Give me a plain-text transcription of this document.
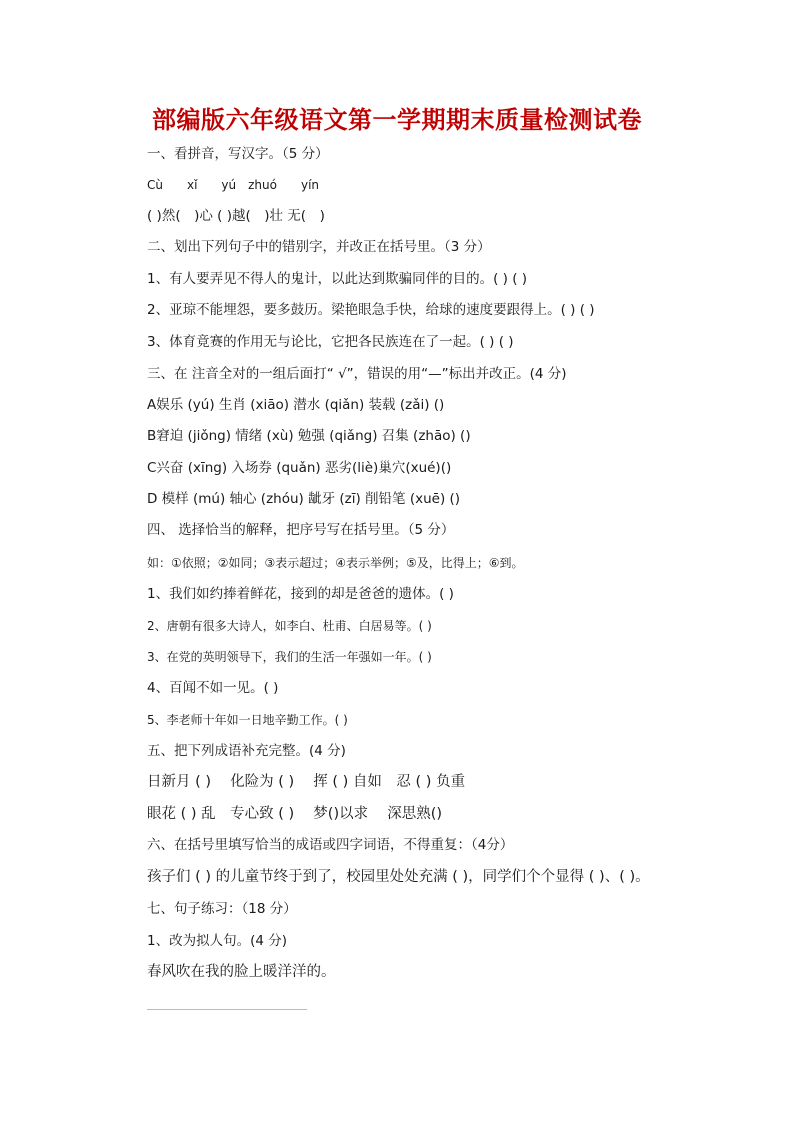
部编版六年级语文第一学期期末质量检测试卷
一、看拼音，写汉字。（5 分）
Cù　　xǐ　　yú　zhuó　　yín
( )然(　)心 ( )越(　)壮 无(　)
二、划出下列句子中的错别字，并改正在括号里。（3 分）
1、有人要弄见不得人的鬼计，以此达到欺骗同伴的目的。( ) ( )
2、亚琼不能埋怨，要多鼓历。梁艳眼急手快，给球的速度要跟得上。( ) ( )
3、体育竟赛的作用无与论比，它把各民族连在了一起。( ) ( )
三、在 注音全对的一组后面打“ √”，错误的用“—”标出并改正。(4 分)
A娱乐 (yú) 生肖 (xiāo) 潜水 (qiǎn) 装载 (zǎi) ()
B窘迫 (jiǒng) 情绪 (xù) 勉强 (qiǎng) 召集 (zhāo) ()
C兴奋 (xīng) 入场券 (quǎn) 恶劣(liè)巢穴(xué)()
D 模样 (mú) 轴心 (zhóu) 龇牙 (zī) 削铅笔 (xuē) ()
四、 选择恰当的解释，把序号写在括号里。（5 分）
如：①依照；②如同；③表示超过；④表示举例；⑤及，比得上；⑥到。
1、我们如约捧着鲜花，接到的却是爸爸的遗体。( )
2、唐朝有很多大诗人，如李白、杜甫、白居易等。( )
3、在党的英明领导下，我们的生活一年强如一年。( )
4、百闻不如一见。( )
5、李老师十年如一日地辛勤工作。( )
五、把下列成语补充完整。(4 分)
日新月 ( )　 化险为 ( )　 挥 ( ) 自如　忍 ( ) 负重
眼花 ( ) 乱　专心致 ( )　 梦()以求　 深思熟()
六、在括号里填写恰当的成语或四字词语，不得重复：（4分）
孩子们 ( ) 的儿童节终于到了，校园里处处充满 ( )，同学们个个显得 ( )、( )。
七、句子练习：（18 分）
1、改为拟人句。(4 分)
春风吹在我的脸上暖洋洋的。
